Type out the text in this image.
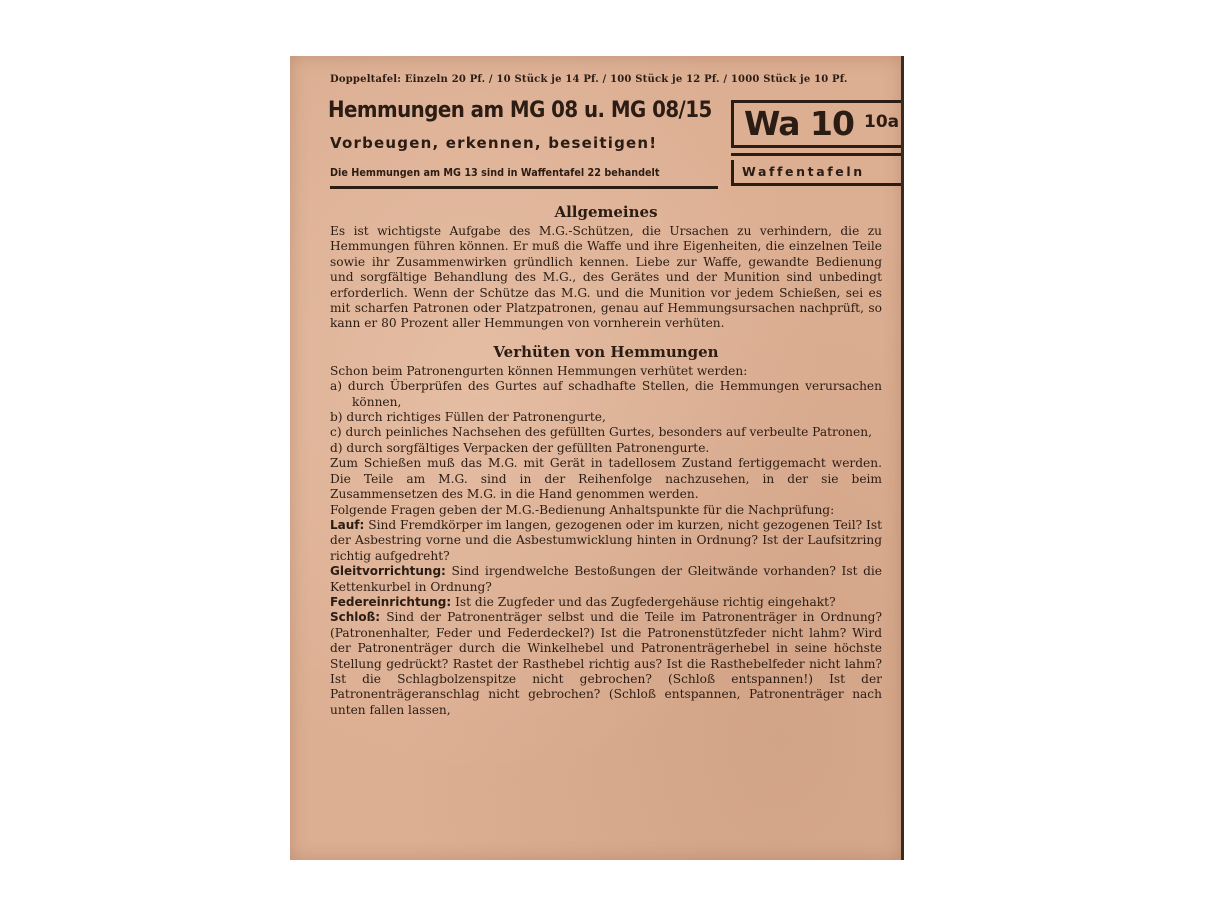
Doppeltafel: Einzeln 20 Pf. / 10 Stück je 14 Pf. / 100 Stück je 12 Pf. / 1000 Stück je 10 Pf.
Hemmungen am MG 08 u. MG 08/15
Vorbeugen, erkennen, beseitigen!
Die Hemmungen am MG 13 sind in Waffentafel 22 behandelt
Wa 10 10a
Waffentafeln
Allgemeines

Es ist wichtigste Aufgabe des M.G.-Schützen, die Ursachen zu verhindern, die zu Hemmungen führen können. Er muß die Waffe und ihre Eigenheiten, die einzelnen Teile sowie ihr Zusammenwirken gründlich kennen. Liebe zur Waffe, gewandte Bedienung und sorgfältige Behandlung des M.G., des Gerätes und der Munition sind unbedingt erforderlich. Wenn der Schütze das M.G. und die Munition vor jedem Schießen, sei es mit scharfen Patronen oder Platzpatronen, genau auf Hemmungsursachen nachprüft, so kann er 80 Prozent aller Hemmungen von vornherein verhüten.

Verhüten von Hemmungen

Schon beim Patronengurten können Hemmungen verhütet werden:

a) durch Überprüfen des Gurtes auf schadhafte Stellen, die Hemmungen verursachen können,

b) durch richtiges Füllen der Patronengurte,

c) durch peinliches Nachsehen des gefüllten Gurtes, besonders auf verbeulte Patronen,

d) durch sorgfältiges Verpacken der gefüllten Patronengurte.

Zum Schießen muß das M.G. mit Gerät in tadellosem Zustand fertiggemacht werden. Die Teile am M.G. sind in der Reihenfolge nachzusehen, in der sie beim Zusammensetzen des M.G. in die Hand genommen werden.

Folgende Fragen geben der M.G.-Bedienung Anhaltspunkte für die Nachprüfung:

Lauf: Sind Fremdkörper im langen, gezogenen oder im kurzen, nicht gezogenen Teil? Ist der Asbestring vorne und die Asbestumwicklung hinten in Ordnung? Ist der Laufsitzring richtig aufgedreht?

Gleitvorrichtung: Sind irgendwelche Bestoßungen der Gleitwände vorhanden? Ist die Kettenkurbel in Ordnung?

Federeinrichtung: Ist die Zugfeder und das Zugfedergehäuse richtig eingehakt?

Schloß: Sind der Patronenträger selbst und die Teile im Patronenträger in Ordnung? (Patronenhalter, Feder und Federdeckel?) Ist die Patronenstützfeder nicht lahm? Wird der Patronenträger durch die Winkelhebel und Patronenträgerhebel in seine höchste Stellung gedrückt? Rastet der Rasthebel richtig aus? Ist die Rasthebelfeder nicht lahm? Ist die Schlagbolzenspitze nicht gebrochen? (Schloß entspannen!) Ist der Patronenträgeranschlag nicht gebrochen? (Schloß entspannen, Patronenträger nach unten fallen lassen,
